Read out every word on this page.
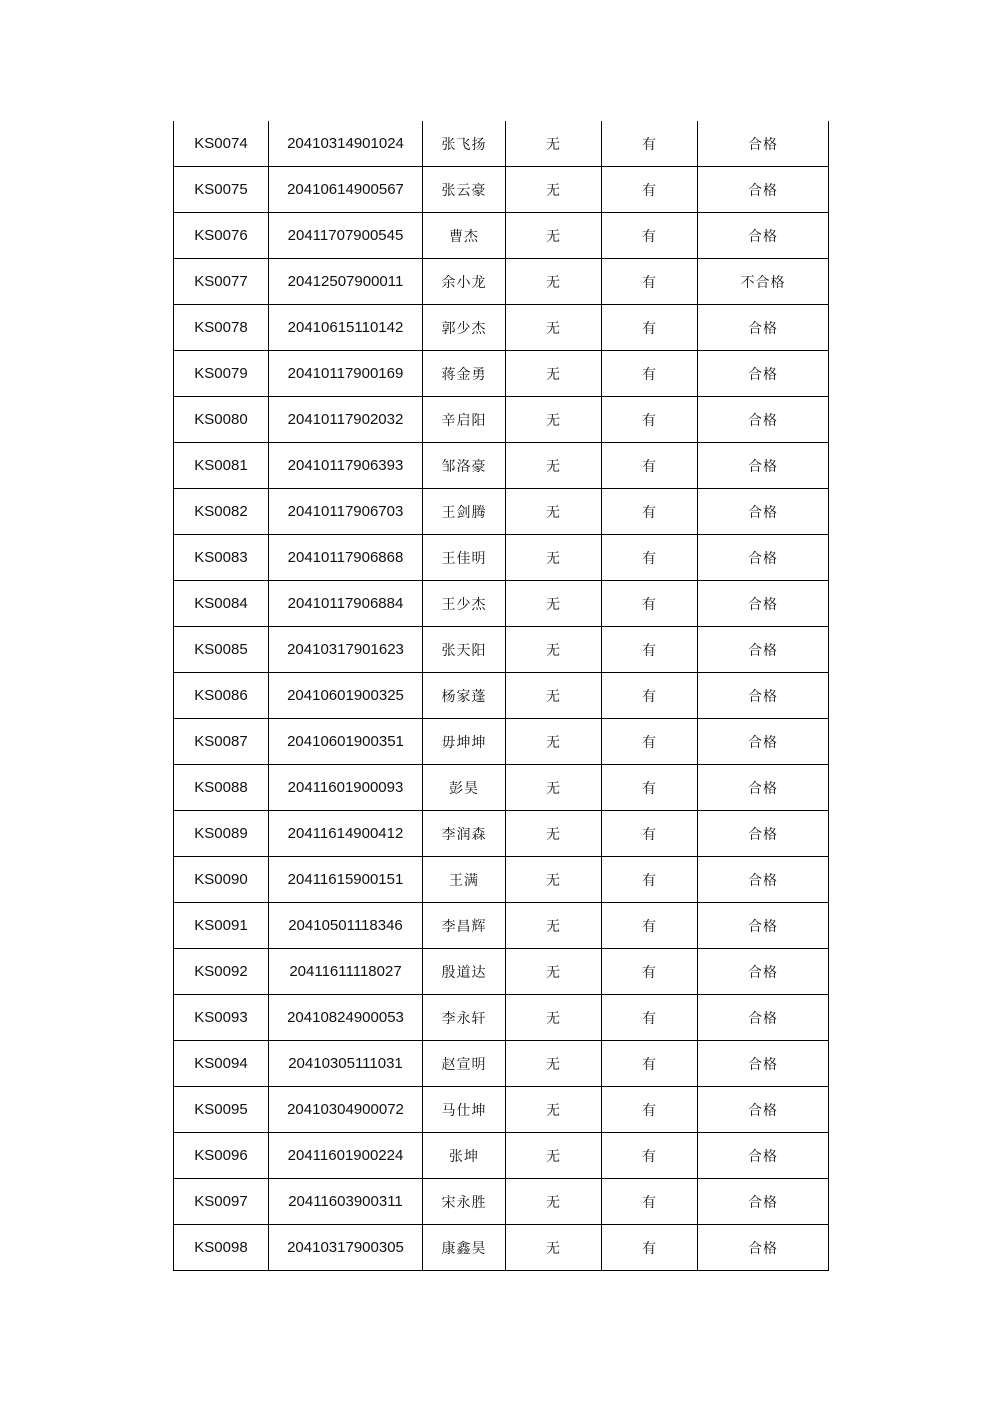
KS0074	20410314901024	张飞扬	无	有	合格
KS0075	20410614900567	张云豪	无	有	合格
KS0076	20411707900545	曹杰	无	有	合格
KS0077	20412507900011	余小龙	无	有	不合格
KS0078	20410615110142	郭少杰	无	有	合格
KS0079	20410117900169	蒋金勇	无	有	合格
KS0080	20410117902032	辛启阳	无	有	合格
KS0081	20410117906393	邹洛豪	无	有	合格
KS0082	20410117906703	王剑腾	无	有	合格
KS0083	20410117906868	王佳明	无	有	合格
KS0084	20410117906884	王少杰	无	有	合格
KS0085	20410317901623	张天阳	无	有	合格
KS0086	20410601900325	杨家蓬	无	有	合格
KS0087	20410601900351	毋坤坤	无	有	合格
KS0088	20411601900093	彭昊	无	有	合格
KS0089	20411614900412	李润森	无	有	合格
KS0090	20411615900151	王满	无	有	合格
KS0091	20410501118346	李昌辉	无	有	合格
KS0092	20411611118027	殷道达	无	有	合格
KS0093	20410824900053	李永轩	无	有	合格
KS0094	20410305111031	赵宣明	无	有	合格
KS0095	20410304900072	马仕坤	无	有	合格
KS0096	20411601900224	张坤	无	有	合格
KS0097	20411603900311	宋永胜	无	有	合格
KS0098	20410317900305	康鑫昊	无	有	合格
